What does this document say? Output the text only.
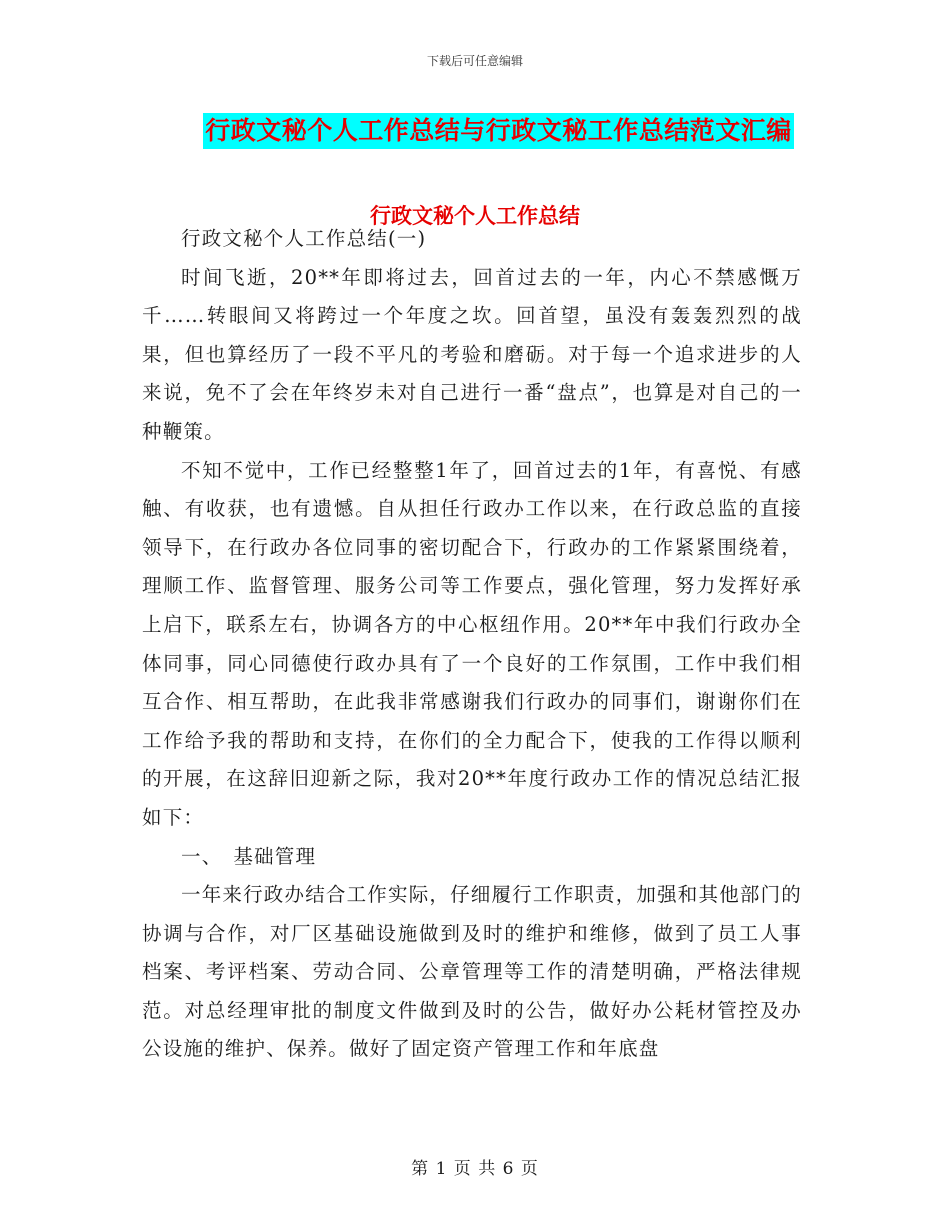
下载后可任意编辑
行政文秘个人工作总结与行政文秘工作总结范文汇编
行政文秘个人工作总结

行政文秘个人工作总结(一)

时间飞逝，20**年即将过去，回首过去的一年，内心不禁感慨万千……转眼间又将跨过一个年度之坎。回首望，虽没有轰轰烈烈的战果，但也算经历了一段不平凡的考验和磨砺。对于每一个追求进步的人来说，免不了会在年终岁未对自己进行一番“盘点”，也算是对自己的一种鞭策。

不知不觉中，工作已经整整1年了，回首过去的1年，有喜悦、有感触、有收获，也有遗憾。自从担任行政办工作以来，在行政总监的直接领导下，在行政办各位同事的密切配合下，行政办的工作紧紧围绕着，理顺工作、监督管理、服务公司等工作要点，强化管理，努力发挥好承上启下，联系左右，协调各方的中心枢纽作用。20**年中我们行政办全体同事，同心同德使行政办具有了一个良好的工作氛围，工作中我们相互合作、相互帮助，在此我非常感谢我们行政办的同事们，谢谢你们在工作给予我的帮助和支持，在你们的全力配合下，使我的工作得以顺利的开展，在这辞旧迎新之际，我对20**年度行政办工作的情况总结汇报如下：

一、　基础管理

一年来行政办结合工作实际，仔细履行工作职责，加强和其他部门的协调与合作，对厂区基础设施做到及时的维护和维修，做到了员工人事档案、考评档案、劳动合同、公章管理等工作的清楚明确，严格法律规范。对总经理审批的制度文件做到及时的公告，做好办公耗材管控及办公设施的维护、保养。做好了固定资产管理工作和年底盘

第 1 页 共 6 页
